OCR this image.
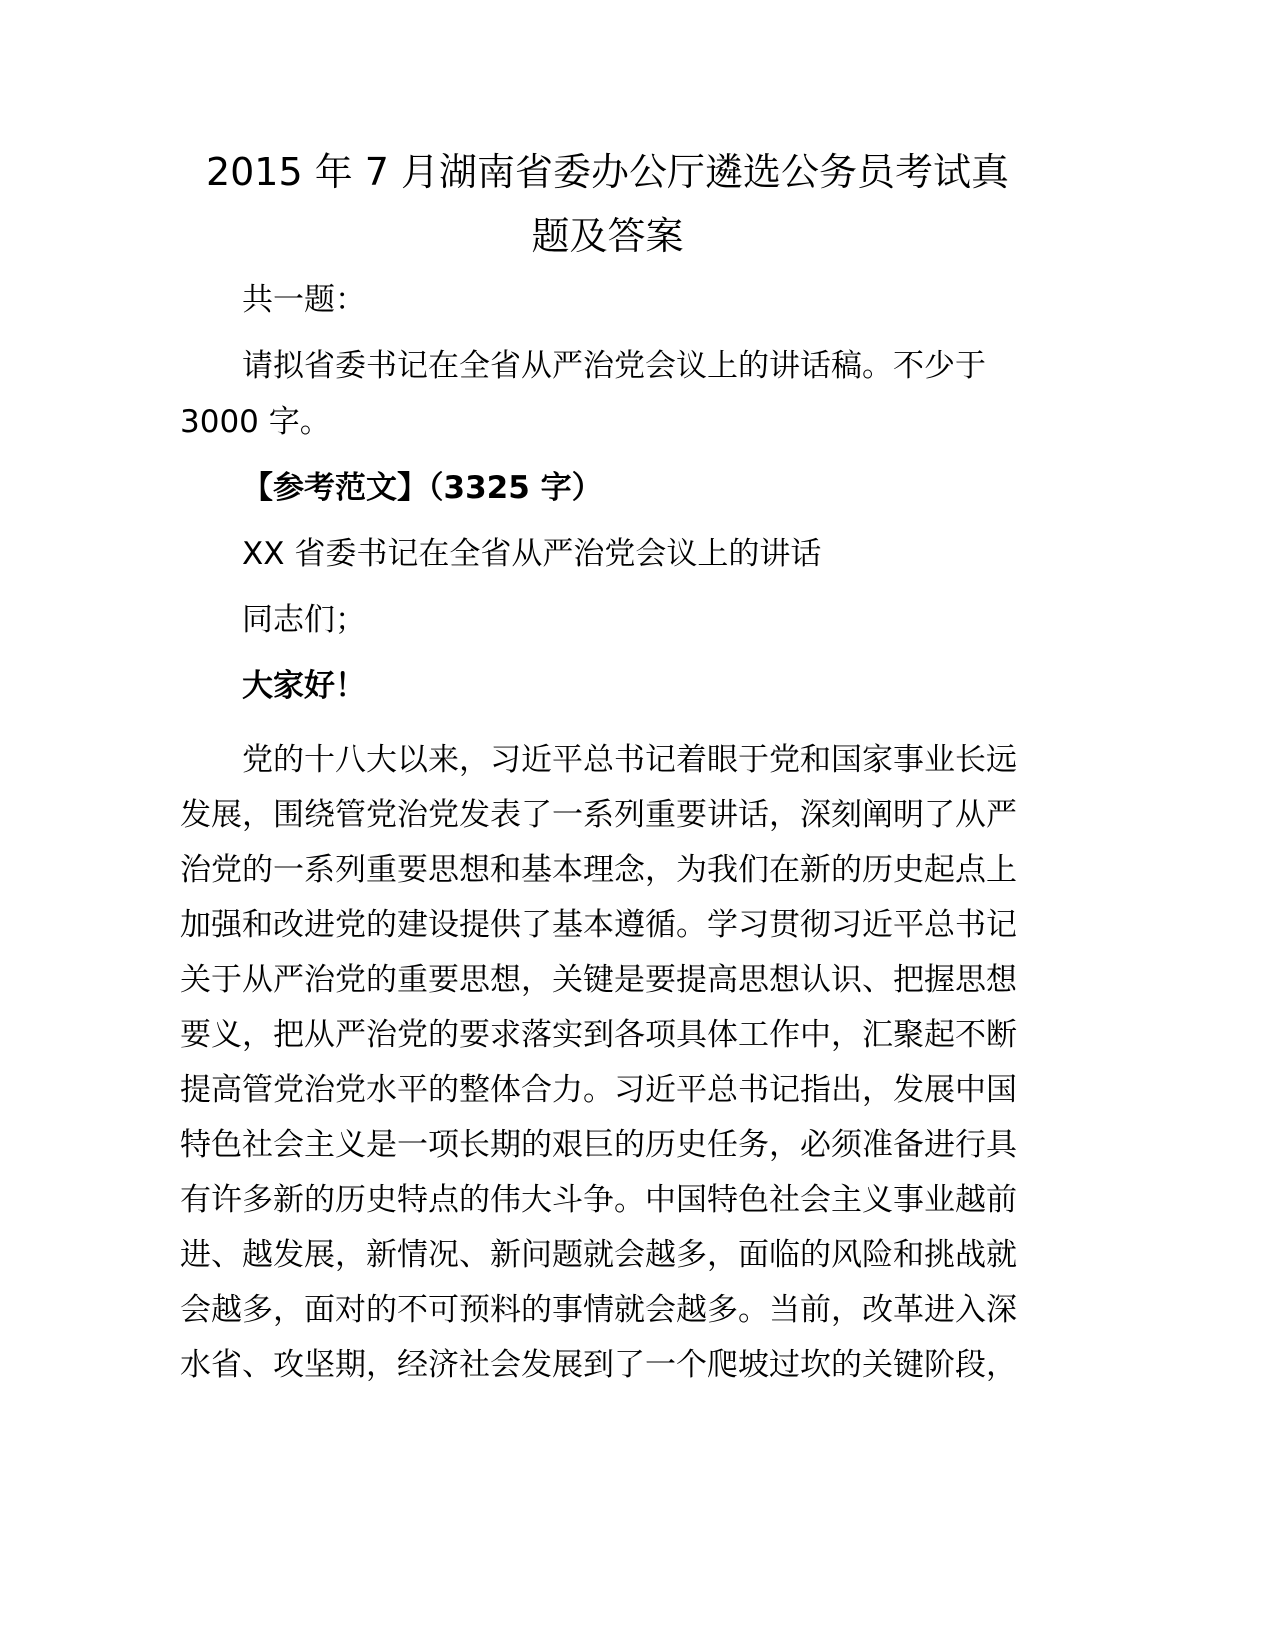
2015 年 7 月湖南省委办公厅遴选公务员考试真
题及答案

共一题：

请拟省委书记在全省从严治党会议上的讲话稿。不少于

3000 字。

【参考范文】（3325 字）

XX 省委书记在全省从严治党会议上的讲话

同志们；

大家好！

党的十八大以来，习近平总书记着眼于党和国家事业长远

发展，围绕管党治党发表了一系列重要讲话，深刻阐明了从严

治党的一系列重要思想和基本理念，为我们在新的历史起点上

加强和改进党的建设提供了基本遵循。学习贯彻习近平总书记

关于从严治党的重要思想，关键是要提高思想认识、把握思想

要义，把从严治党的要求落实到各项具体工作中，汇聚起不断

提高管党治党水平的整体合力。习近平总书记指出，发展中国

特色社会主义是一项长期的艰巨的历史任务，必须准备进行具

有许多新的历史特点的伟大斗争。中国特色社会主义事业越前

进、越发展，新情况、新问题就会越多，面临的风险和挑战就

会越多，面对的不可预料的事情就会越多。当前，改革进入深

水省、攻坚期，经济社会发展到了一个爬坡过坎的关键阶段，
